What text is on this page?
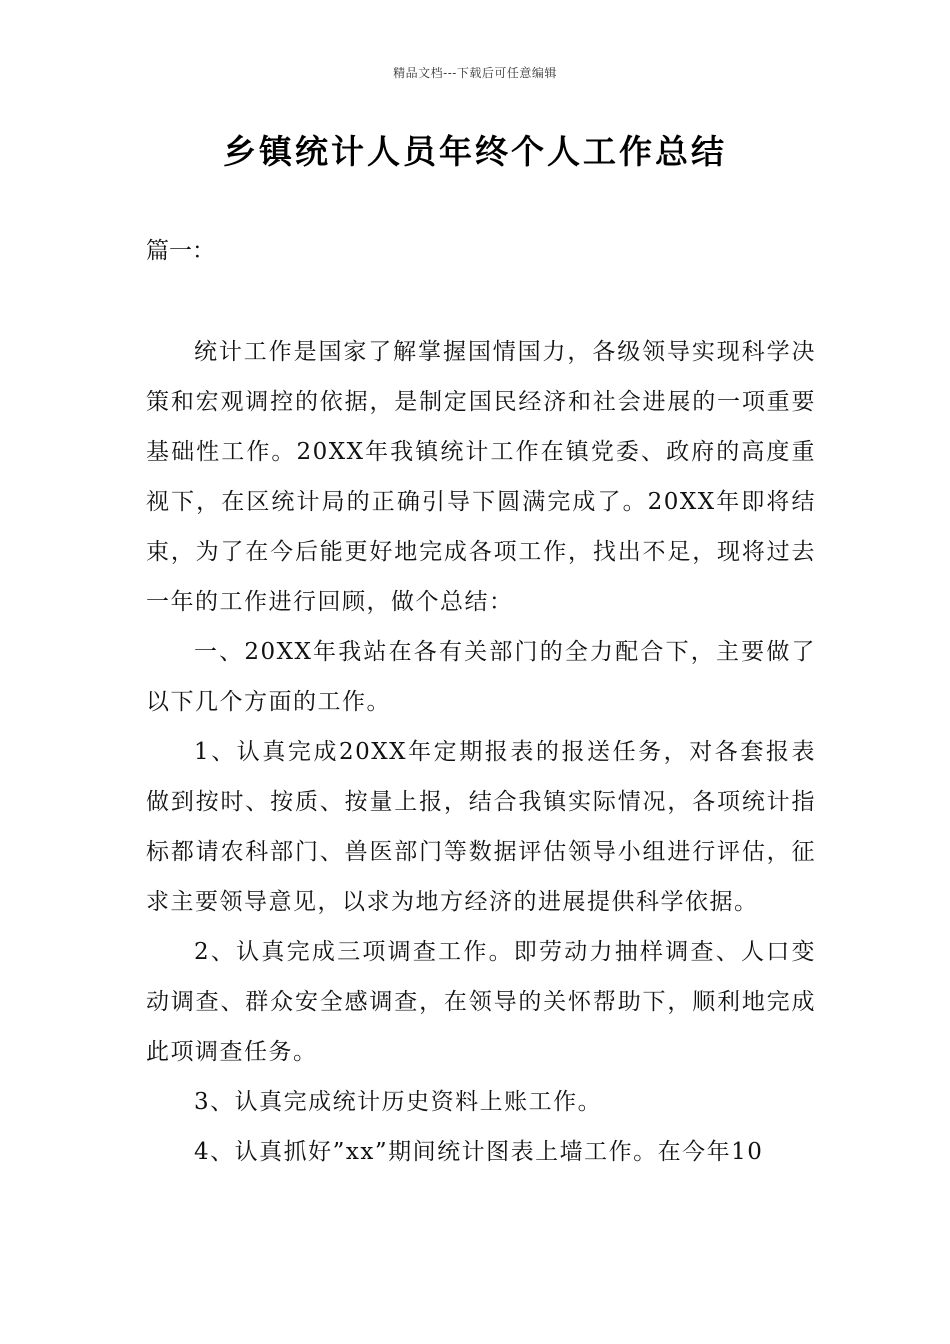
精品文档---下载后可任意编辑
乡镇统计人员年终个人工作总结
篇一：

统计工作是国家了解掌握国情国力，各级领导实现科学决策和宏观调控的依据，是制定国民经济和社会进展的一项重要基础性工作。20XX年我镇统计工作在镇党委、政府的高度重视下，在区统计局的正确引导下圆满完成了。20XX年即将结束，为了在今后能更好地完成各项工作，找出不足，现将过去一年的工作进行回顾，做个总结：

一、20XX年我站在各有关部门的全力配合下，主要做了以下几个方面的工作。

1、认真完成20XX年定期报表的报送任务，对各套报表做到按时、按质、按量上报，结合我镇实际情况，各项统计指标都请农科部门、兽医部门等数据评估领导小组进行评估，征求主要领导意见，以求为地方经济的进展提供科学依据。

2、认真完成三项调查工作。即劳动力抽样调查、人口变动调查、群众安全感调查，在领导的关怀帮助下，顺利地完成此项调查任务。

3、认真完成统计历史资料上账工作。

4、认真抓好”xx”期间统计图表上墙工作。在今年10
